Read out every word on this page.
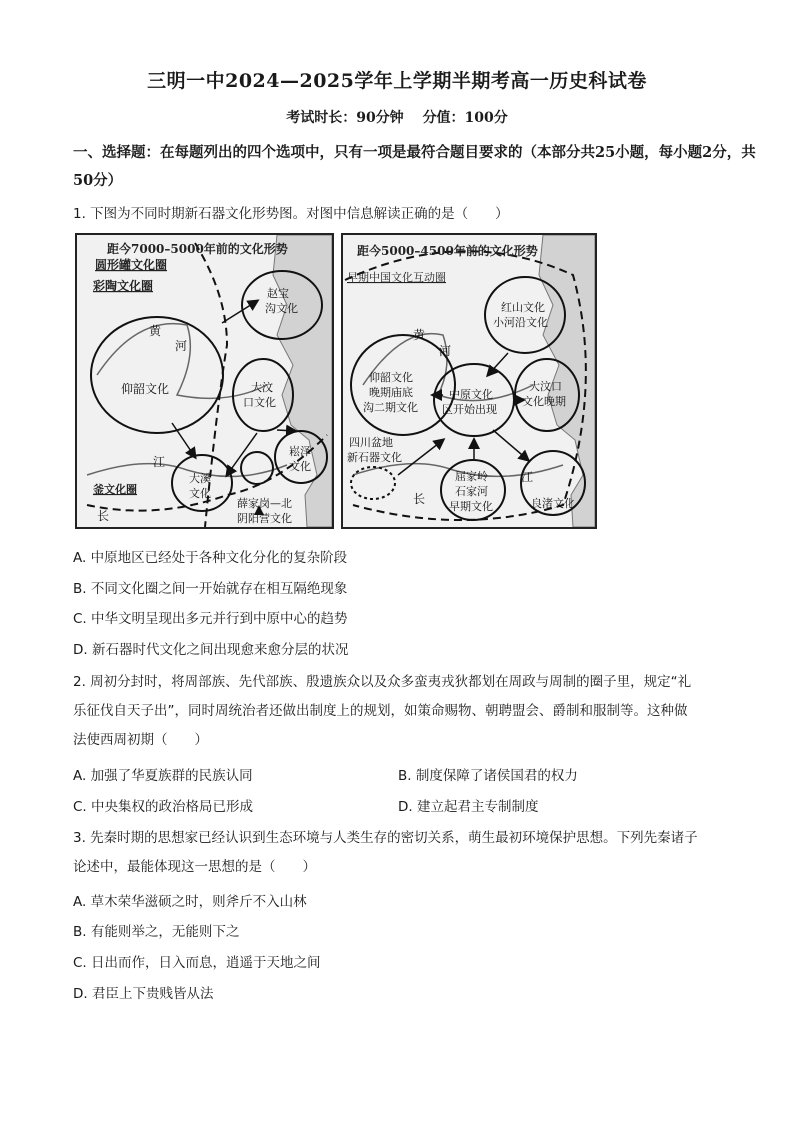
三明一中2024—2025学年上学期半期考高一历史科试卷
考试时长：90分钟 分值：100分
一、选择题：在每题列出的四个选项中，只有一项是最符合题目要求的（本部分共25小题，每小题2分，共50分）
1. 下图为不同时期新石器文化形势图。对图中信息解读正确的是（　　）
距今7000–5000年前的文化形势
圆形罐文化圈
彩陶文化圈
赵宝
沟文化
黄
河
仰韶文化	大汶
口文化
江
大溪
文化
崧泽
文化
釜文化圈
长
薛家岗—北
阴阳营文化
距今5000–4500年前的文化形势
早期中国文化互动圈
红山文化
小河沿文化
黄
河
仰韶文化
晚期庙底
沟二期文化
中原文化
区开始出现
大汶口
文化晚期
四川盆地
新石器文化
屈家岭
石家河
早期文化
江
长	良渚文化
A. 中原地区已经处于各种文化分化的复杂阶段
B. 不同文化圈之间一开始就存在相互隔绝现象
C. 中华文明呈现出多元并行到中原中心的趋势
D. 新石器时代文化之间出现愈来愈分层的状况
2. 周初分封时，将周部族、先代部族、殷遗族众以及众多蛮夷戎狄都划在周政与周制的圈子里，规定“礼
乐征伐自天子出”，同时周统治者还做出制度上的规划，如策命赐物、朝聘盟会、爵制和服制等。这种做
法使西周初期（　　）
A. 加强了华夏族群的民族认同	B. 制度保障了诸侯国君的权力
C. 中央集权的政治格局已形成	D. 建立起君主专制制度
3. 先秦时期的思想家已经认识到生态环境与人类生存的密切关系，萌生最初环境保护思想。下列先秦诸子
论述中，最能体现这一思想的是（　　）
A. 草木荣华滋硕之时，则斧斤不入山林
B. 有能则举之，无能则下之
C. 日出而作，日入而息，逍遥于天地之间
D. 君臣上下贵贱皆从法
